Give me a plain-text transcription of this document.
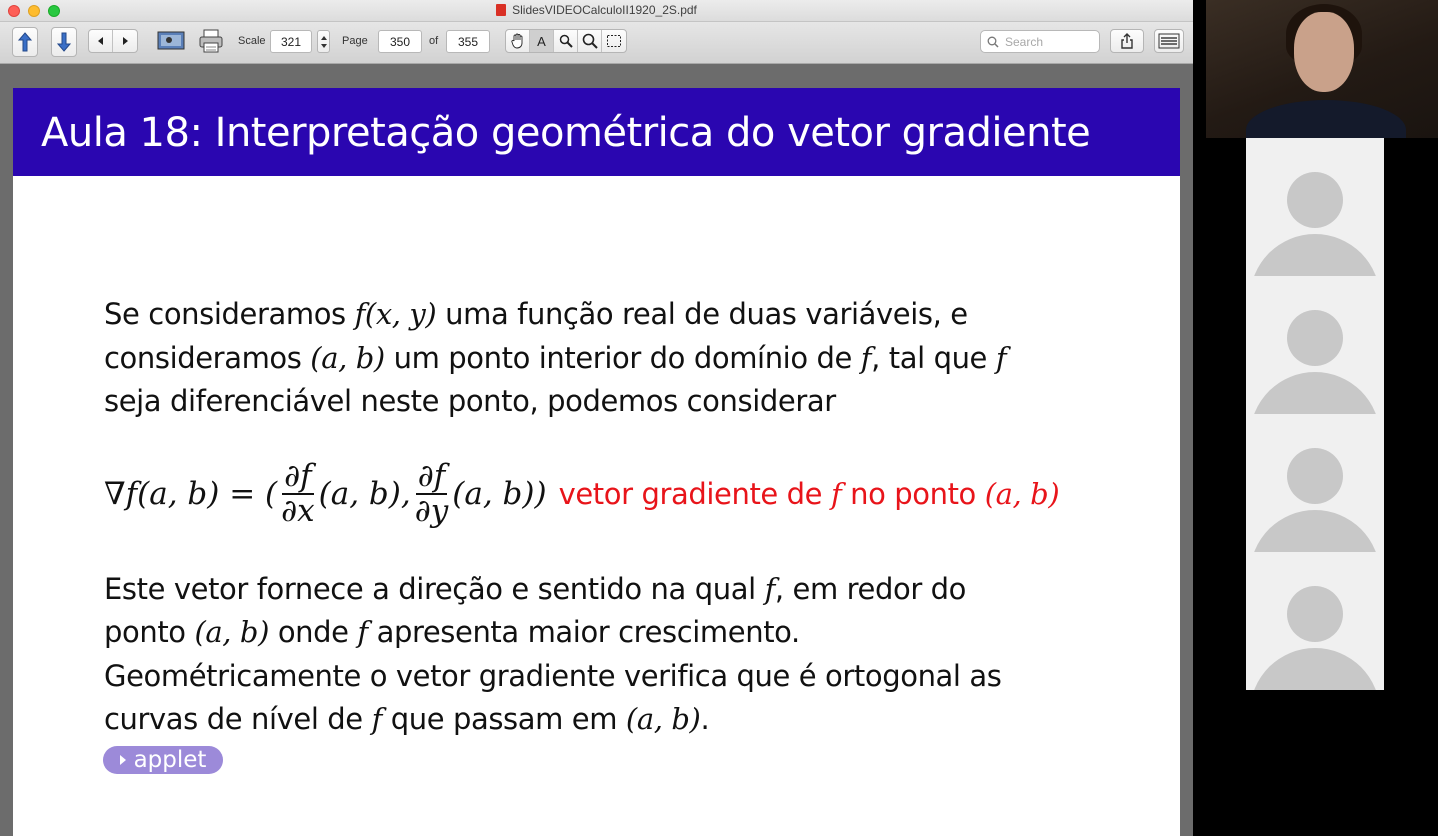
SlidesVIDEOCalculoII1920_2S.pdf
Scale	321	Page	350	of	355	A	Search
Aula 18: Interpretação geométrica do vetor gradiente
Se consideramos f(x, y) uma função real de duas variáveis, e
consideramos (a, b) um ponto interior do domínio de f, tal que f
seja diferenciável neste ponto, podemos considerar
∇f(a, b) = ( $\frac{\partial f}{\partial x} (a$, b), $\frac{\partial f}{\partial y} (a$, b)) vetor gradiente de f no ponto (a, b)
Este vetor fornece a direção e sentido na qual f, em redor do
ponto (a, b) onde f apresenta maior crescimento.
Geométricamente o vetor gradiente verifica que é ortogonal as
curvas de nível de f que passam em (a, b).
applet
